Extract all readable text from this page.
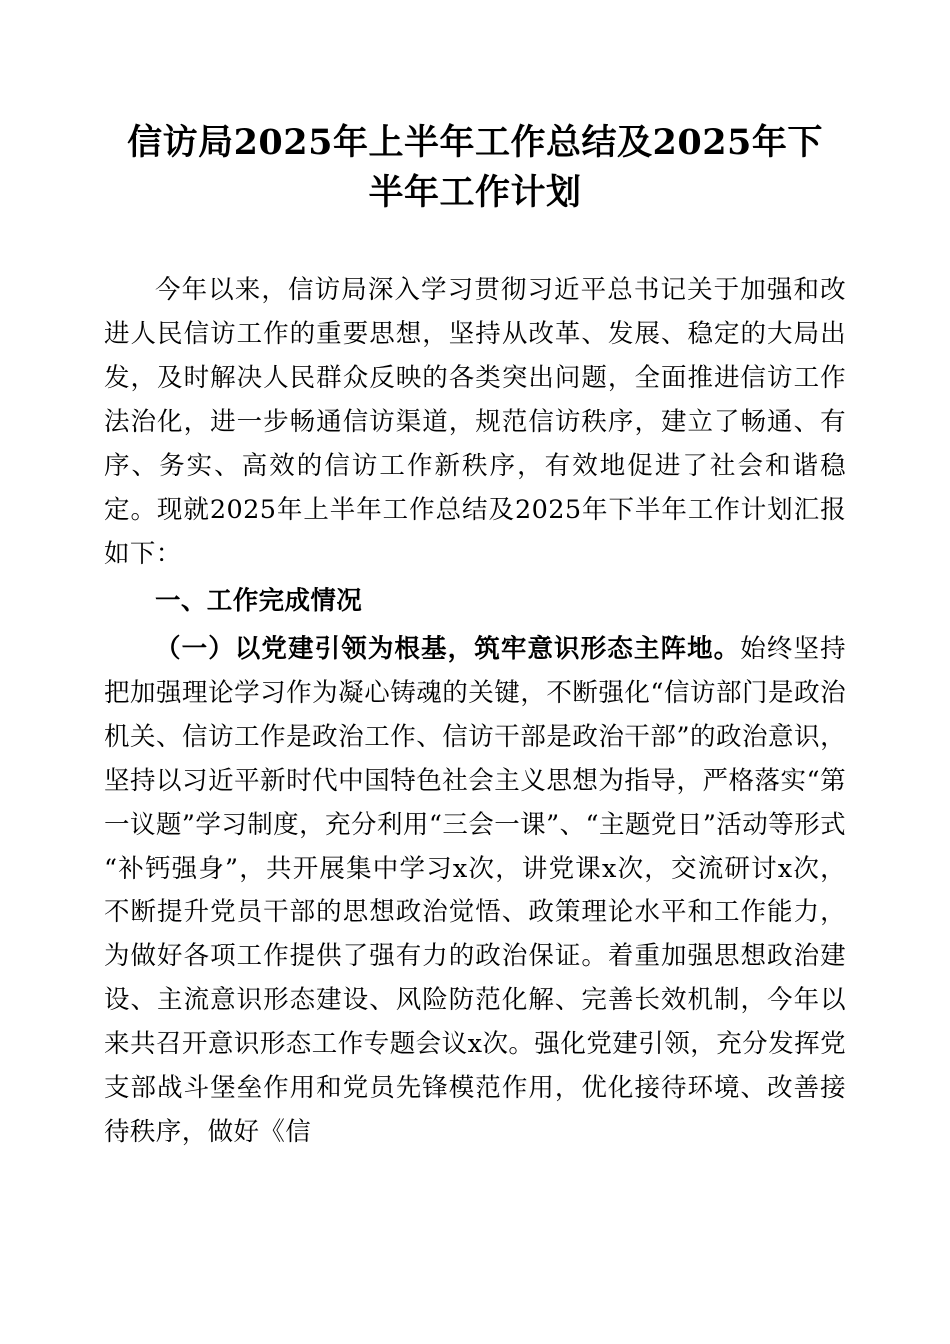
信访局2025年上半年工作总结及2025年下半年工作计划

今年以来，信访局深入学习贯彻习近平总书记关于加强和改进人民信访工作的重要思想，坚持从改革、发展、稳定的大局出发，及时解决人民群众反映的各类突出问题，全面推进信访工作法治化，进一步畅通信访渠道，规范信访秩序，建立了畅通、有序、务实、高效的信访工作新秩序，有效地促进了社会和谐稳定。现就2025年上半年工作总结及2025年下半年工作计划汇报如下：

一、工作完成情况

（一）以党建引领为根基，筑牢意识形态主阵地。始终坚持把加强理论学习作为凝心铸魂的关键，不断强化“信访部门是政治机关、信访工作是政治工作、信访干部是政治干部”的政治意识，坚持以习近平新时代中国特色社会主义思想为指导，严格落实“第一议题”学习制度，充分利用“三会一课”、“主题党日”活动等形式“补钙强身”，共开展集中学习x次，讲党课x次，交流研讨x次，不断提升党员干部的思想政治觉悟、政策理论水平和工作能力，为做好各项工作提供了强有力的政治保证。着重加强思想政治建设、主流意识形态建设、风险防范化解、完善长效机制，今年以来共召开意识形态工作专题会议x次。强化党建引领，充分发挥党支部战斗堡垒作用和党员先锋模范作用，优化接待环境、改善接待秩序，做好《信
